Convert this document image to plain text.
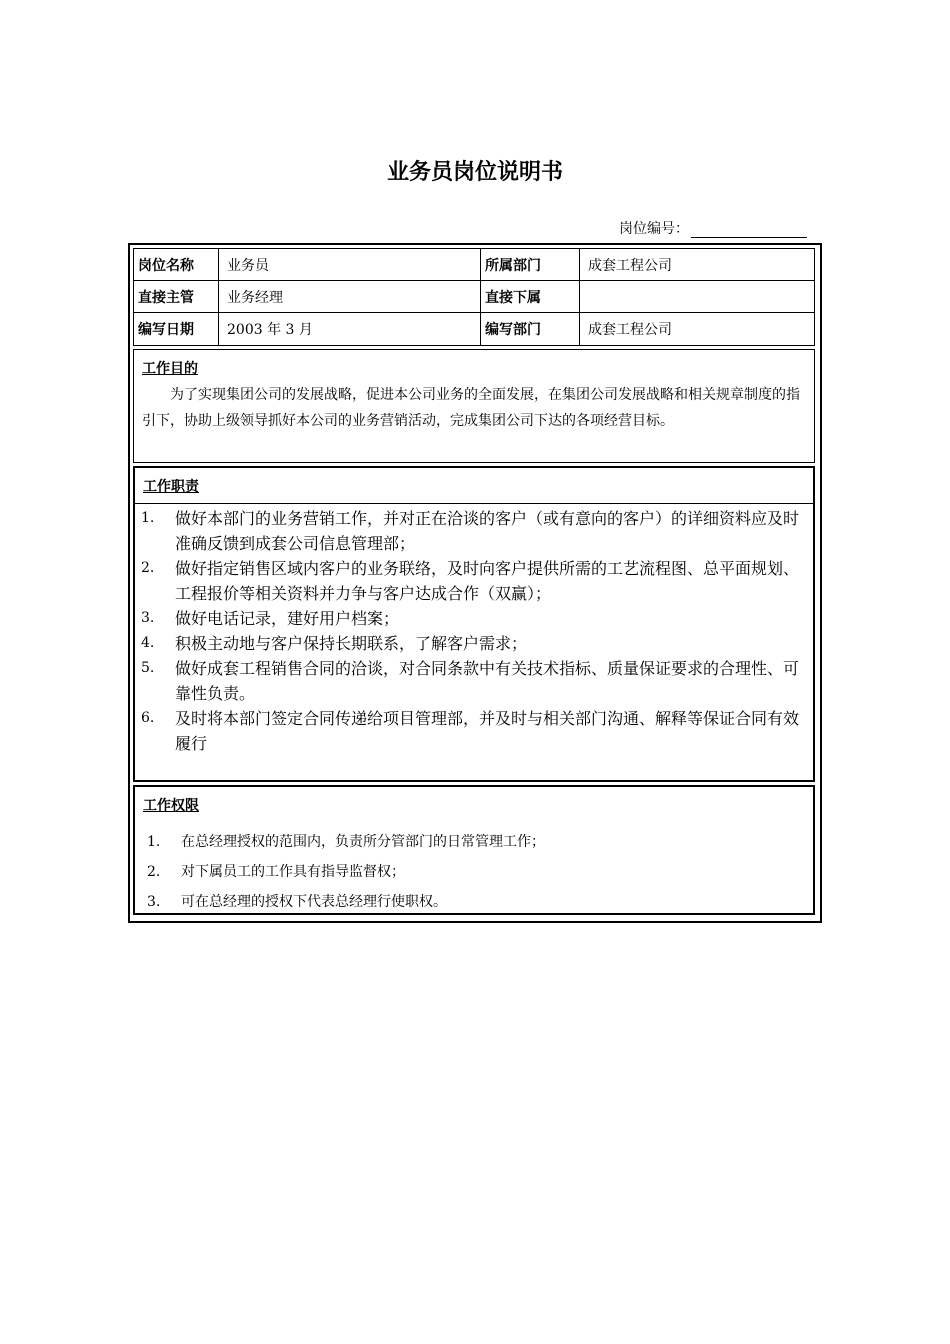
业务员岗位说明书
岗位编号：
岗位名称	业务员	所属部门	成套工程公司
直接主管	业务经理	直接下属
编写日期	2003 年 3 月	编写部门	成套工程公司
工作目的
为了实现集团公司的发展战略，促进本公司业务的全面发展，在集团公司发展战略和相关规章制度的指引下，协助上级领导抓好本公司的业务营销活动，完成集团公司下达的各项经营目标。
工作职责
1. 做好本部门的业务营销工作，并对正在洽谈的客户（或有意向的客户）的详细资料应及时准确反馈到成套公司信息管理部；
2. 做好指定销售区域内客户的业务联络，及时向客户提供所需的工艺流程图、总平面规划、工程报价等相关资料并力争与客户达成合作（双赢）；
3. 做好电话记录，建好用户档案；
4. 积极主动地与客户保持长期联系，了解客户需求；
5. 做好成套工程销售合同的洽谈，对合同条款中有关技术指标、质量保证要求的合理性、可靠性负责。
6. 及时将本部门签定合同传递给项目管理部，并及时与相关部门沟通、解释等保证合同有效履行
工作权限
1. 在总经理授权的范围内，负责所分管部门的日常管理工作；
2. 对下属员工的工作具有指导监督权；
3. 可在总经理的授权下代表总经理行使职权。
